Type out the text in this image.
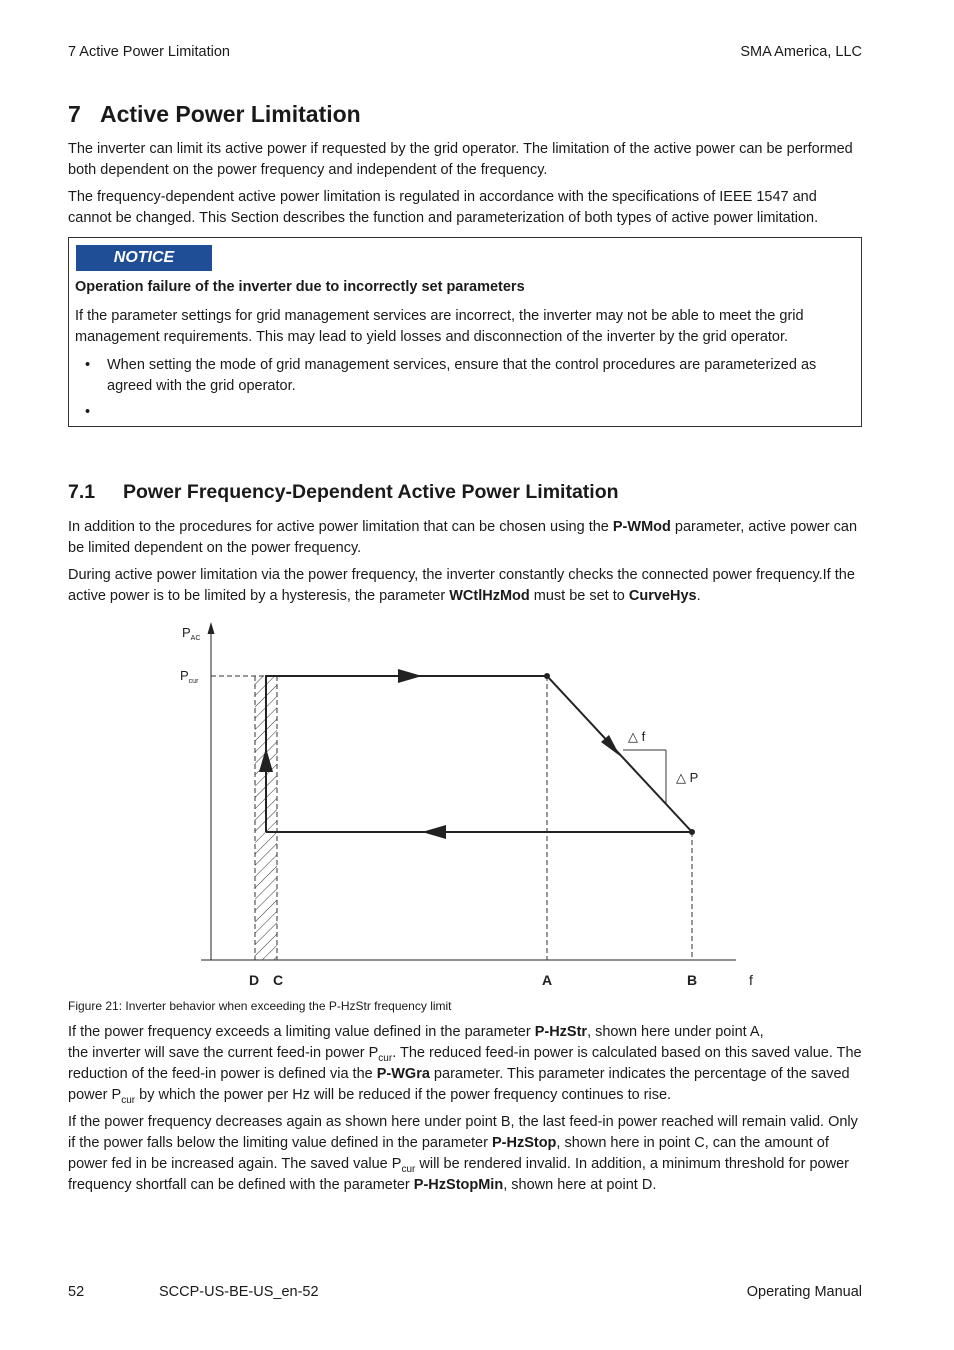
7 Active Power Limitation	SMA America, LLC
7 Active Power Limitation

The inverter can limit its active power if requested by the grid operator. The limitation of the active power can be performed both dependent on the power frequency and independent of the frequency.

The frequency-dependent active power limitation is regulated in accordance with the specifications of IEEE 1547 and cannot be changed. This Section describes the function and parameterization of both types of active power limitation.

NOTICE
Operation failure of the inverter due to incorrectly set parameters

If the parameter settings for grid management services are incorrect, the inverter may not be able to meet the grid management requirements. This may lead to yield losses and disconnection of the inverter by the grid operator.

• When setting the mode of grid management services, ensure that the control procedures are parameterized as agreed with the grid operator.
•
7.1 Power Frequency-Dependent Active Power Limitation

In addition to the procedures for active power limitation that can be chosen using the P-WMod parameter, active power can be limited dependent on the power frequency.

During active power limitation via the power frequency, the inverter constantly checks the connected power frequency.If the active power is to be limited by a hysteresis, the parameter WCtlHzMod must be set to CurveHys.

△ f
△ P
$P_{AC}$
$P_{cur}$
f
D C	A	B
Figure 21: Inverter behavior when exceeding the P-HzStr frequency limit

If the power frequency exceeds a limiting value defined in the parameter P-HzStr, shown here under point A,
the inverter will save the current feed-in power $P_{cur}$. The reduced feed-in power is calculated based on this saved value. The reduction of the feed-in power is defined via the P-WGra parameter. This parameter indicates the percentage of the saved power $P_{cur}$ by which the power per Hz will be reduced if the power frequency continues to rise.

If the power frequency decreases again as shown here under point B, the last feed-in power reached will remain valid. Only if the power falls below the limiting value defined in the parameter P-HzStop, shown here in point C, can the amount of power fed in be increased again. The saved value $P_{cur}$ will be rendered invalid. In addition, a minimum threshold for power frequency shortfall can be defined with the parameter P-HzStopMin, shown here at point D.

52	SCCP-US-BE-US_en-52	Operating Manual
